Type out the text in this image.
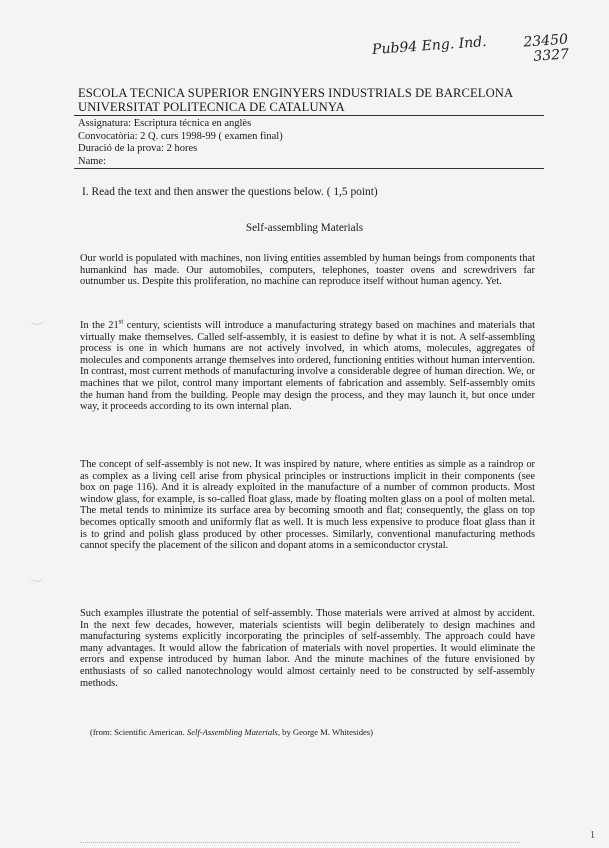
Pub94 Eng. Ind.	23450
3327
ESCOLA TECNICA SUPERIOR ENGINYERS INDUSTRIALS DE BARCELONA
UNIVERSITAT POLITECNICA DE CATALUNYA
Assignatura: Escriptura técnica en anglès
Convocatòria: 2 Q. curs 1998-99 ( examen final)
Duració de la prova: 2 hores
Name:
I. Read the text and then answer the questions below. ( 1,5 point)
Self-assembling Materials
Our world is populated with machines, non living entities assembled by human beings from components that humankind has made. Our automobiles, computers, telephones, toaster ovens and screwdrivers far outnumber us. Despite this proliferation, no machine can reproduce itself without human agency. Yet.
In the 21st century, scientists will introduce a manufacturing strategy based on machines and materials that virtually make themselves. Called self-assembly, it is easiest to define by what it is not. A self-assembling process is one in which humans are not actively involved, in which atoms, molecules, aggregates of molecules and components arrange themselves into ordered, functioning entities without human intervention. In contrast, most current methods of manufacturing involve a considerable degree of human direction. We, or machines that we pilot, control many important elements of fabrication and assembly. Self-assembly omits the human hand from the building. People may design the process, and they may launch it, but once under way, it proceeds according to its own internal plan.
The concept of self-assembly is not new. It was inspired by nature, where entities as simple as a raindrop or as complex as a living cell arise from physical principles or instructions implicit in their components (see box on page 116). And it is already exploited in the manufacture of a number of common products. Most window glass, for example, is so-called float glass, made by floating molten glass on a pool of molten metal. The metal tends to minimize its surface area by becoming smooth and flat; consequently, the glass on top becomes optically smooth and uniformly flat as well. It is much less expensive to produce float glass than it is to grind and polish glass produced by other processes. Similarly, conventional manufacturing methods cannot specify the placement of the silicon and dopant atoms in a semiconductor crystal.
Such examples illustrate the potential of self-assembly. Those materials were arrived at almost by accident. In the next few decades, however, materials scientists will begin deliberately to design machines and manufacturing systems explicitly incorporating the principles of self-assembly. The approach could have many advantages. It would allow the fabrication of materials with novel properties. It would eliminate the errors and expense introduced by human labor. And the minute machines of the future envisioned by enthusiasts of so called nanotechnology would almost certainly need to be constructed by self-assembly methods.
(from: Scientific American. Self-Assembling Materials, by George M. Whitesides)
1
